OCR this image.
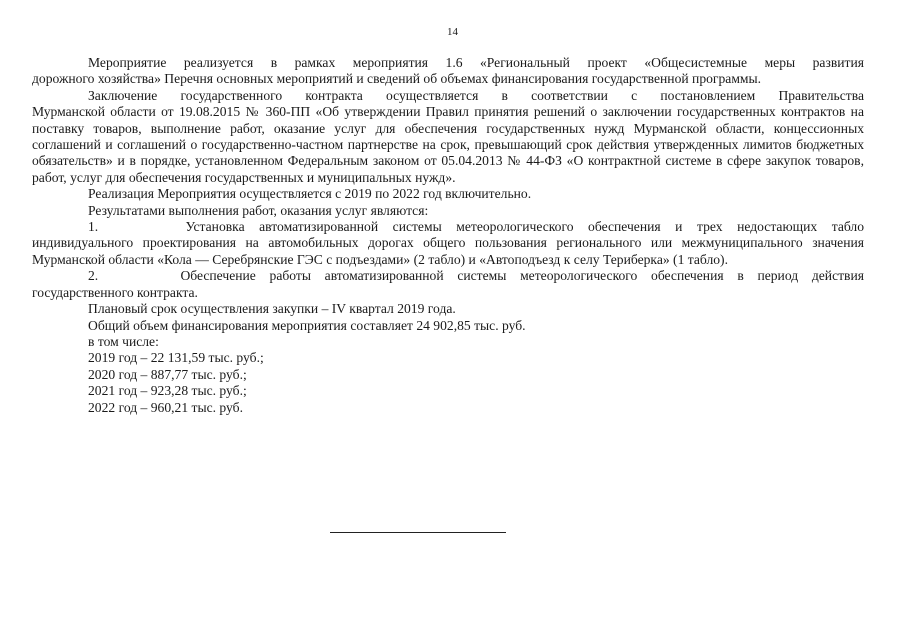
14
Мероприятие реализуется в рамках мероприятия 1.6 «Региональный проект «Общесистемные меры развития
дорожного хозяйства» Перечня основных мероприятий и сведений об объемах финансирования государственной программы.
Заключение государственного контракта осуществляется в соответствии с постановлением Правительства
Мурманской области от 19.08.2015 № 360-ПП «Об утверждении Правил принятия решений о заключении государственных контрактов на поставку товаров, выполнение работ, оказание услуг для обеспечения государственных нужд Мурманской области, концессионных соглашений и соглашений о государственно-частном партнерстве на срок, превышающий срок действия утвержденных лимитов бюджетных обязательств» и в порядке, установленном Федеральным законом от 05.04.2013 № 44-ФЗ «О контрактной системе в сфере закупок товаров, работ, услуг для обеспечения государственных и муниципальных нужд».
Реализация Мероприятия осуществляется с 2019 по 2022 год включительно.
Результатами выполнения работ, оказания услуг являются:
1.	Установка автоматизированной системы метеорологического обеспечения и трех недостающих табло
индивидуального проектирования на автомобильных дорогах общего пользования регионального или межмуниципального значения Мурманской области «Кола — Серебрянские ГЭС с подъездами» (2 табло) и «Автоподъезд к селу Териберка» (1 табло).
2.	Обеспечение работы автоматизированной системы метеорологического обеспечения в период действия
государственного контракта.
Плановый срок осуществления закупки – IV квартал 2019 года.
Общий объем финансирования мероприятия составляет 24 902,85 тыс. руб.
в том числе:
2019 год – 22 131,59 тыс. руб.;
2020 год – 887,77 тыс. руб.;
2021 год – 923,28 тыс. руб.;
2022 год – 960,21 тыс. руб.
